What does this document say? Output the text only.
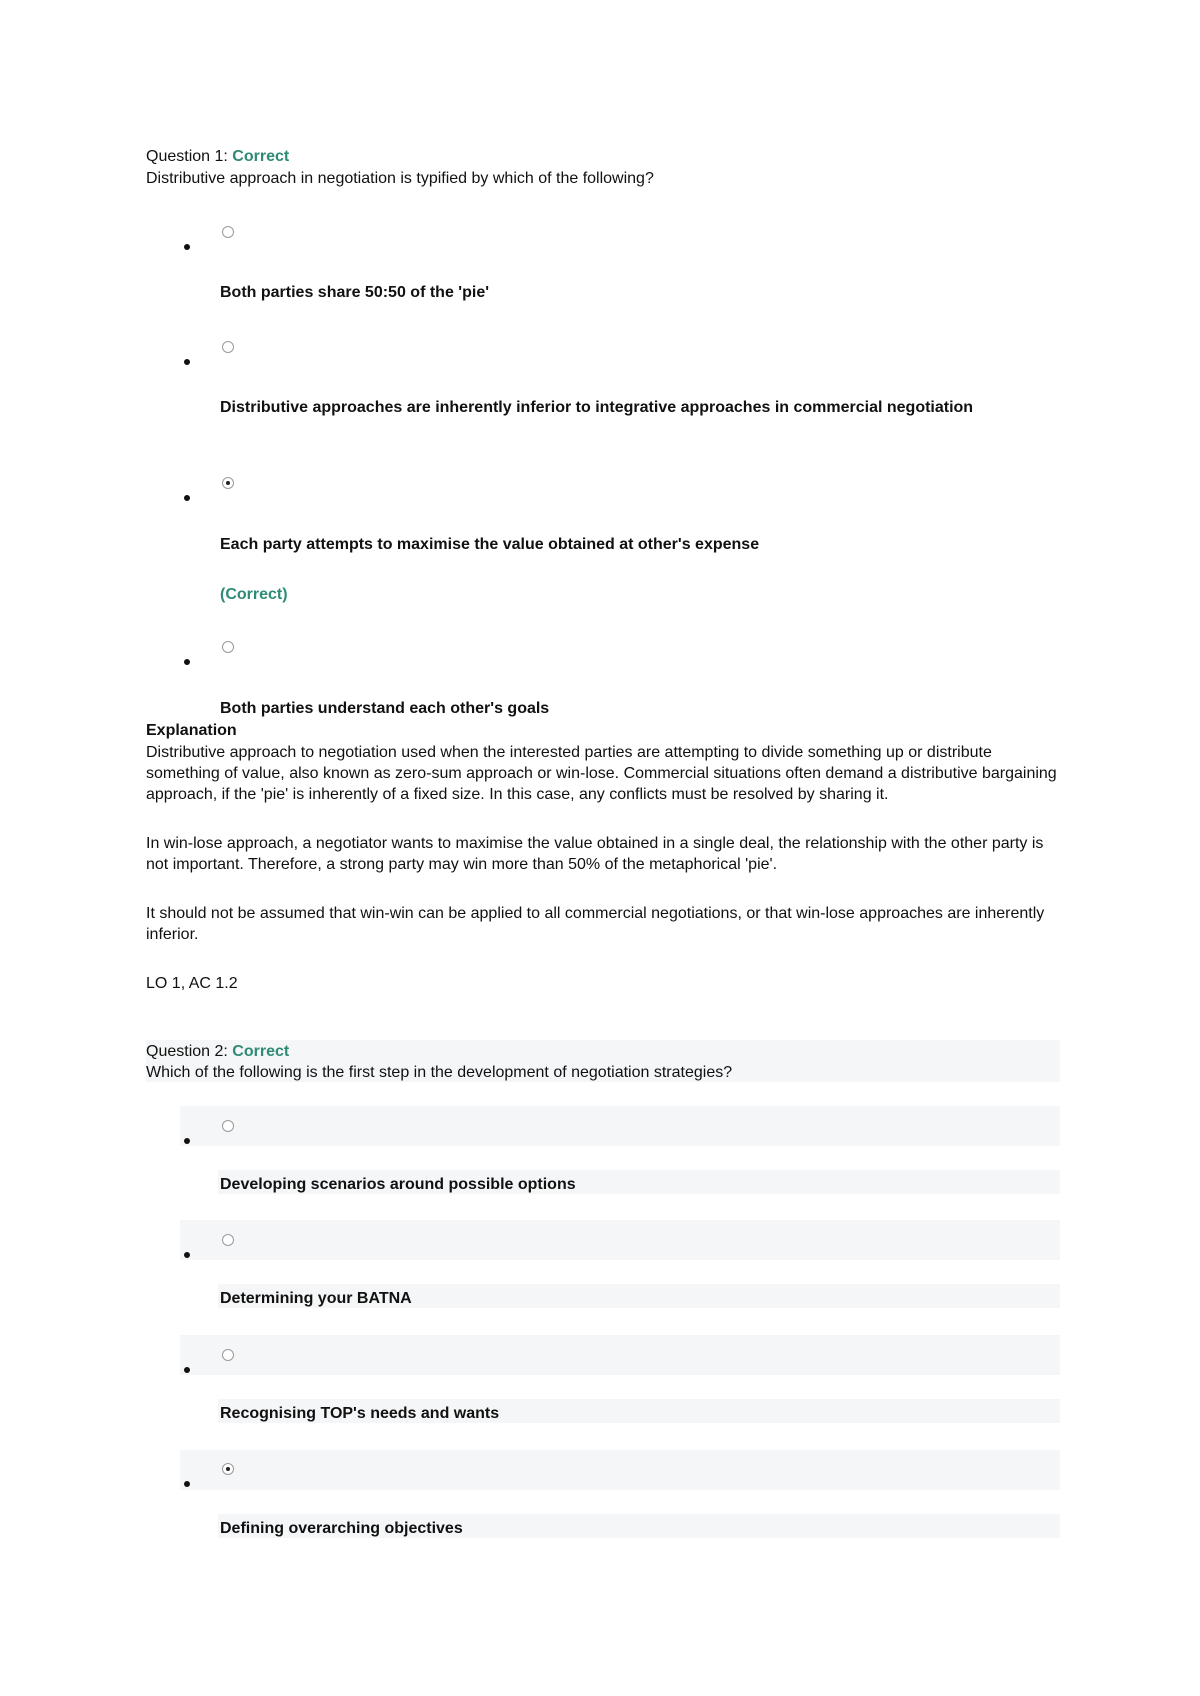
Question 1: Correct
Distributive approach in negotiation is typified by which of the following?
Both parties share 50:50 of the 'pie'
Distributive approaches are inherently inferior to integrative approaches in commercial negotiation
Each party attempts to maximise the value obtained at other's expense
(Correct)
Both parties understand each other's goals
Explanation

Distributive approach to negotiation used when the interested parties are attempting to divide something up or distribute something of value, also known as zero-sum approach or win-lose. Commercial situations often demand a distributive bargaining approach, if the 'pie' is inherently of a fixed size. In this case, any conflicts must be resolved by sharing it.

In win-lose approach, a negotiator wants to maximise the value obtained in a single deal, the relationship with the other party is not important. Therefore, a strong party may win more than 50% of the metaphorical 'pie'.

It should not be assumed that win-win can be applied to all commercial negotiations, or that win-lose approaches are inherently inferior.

LO 1, AC 1.2

Question 2: Correct
Which of the following is the first step in the development of negotiation strategies?
Developing scenarios around possible options
Determining your BATNA
Recognising TOP's needs and wants
Defining overarching objectives
